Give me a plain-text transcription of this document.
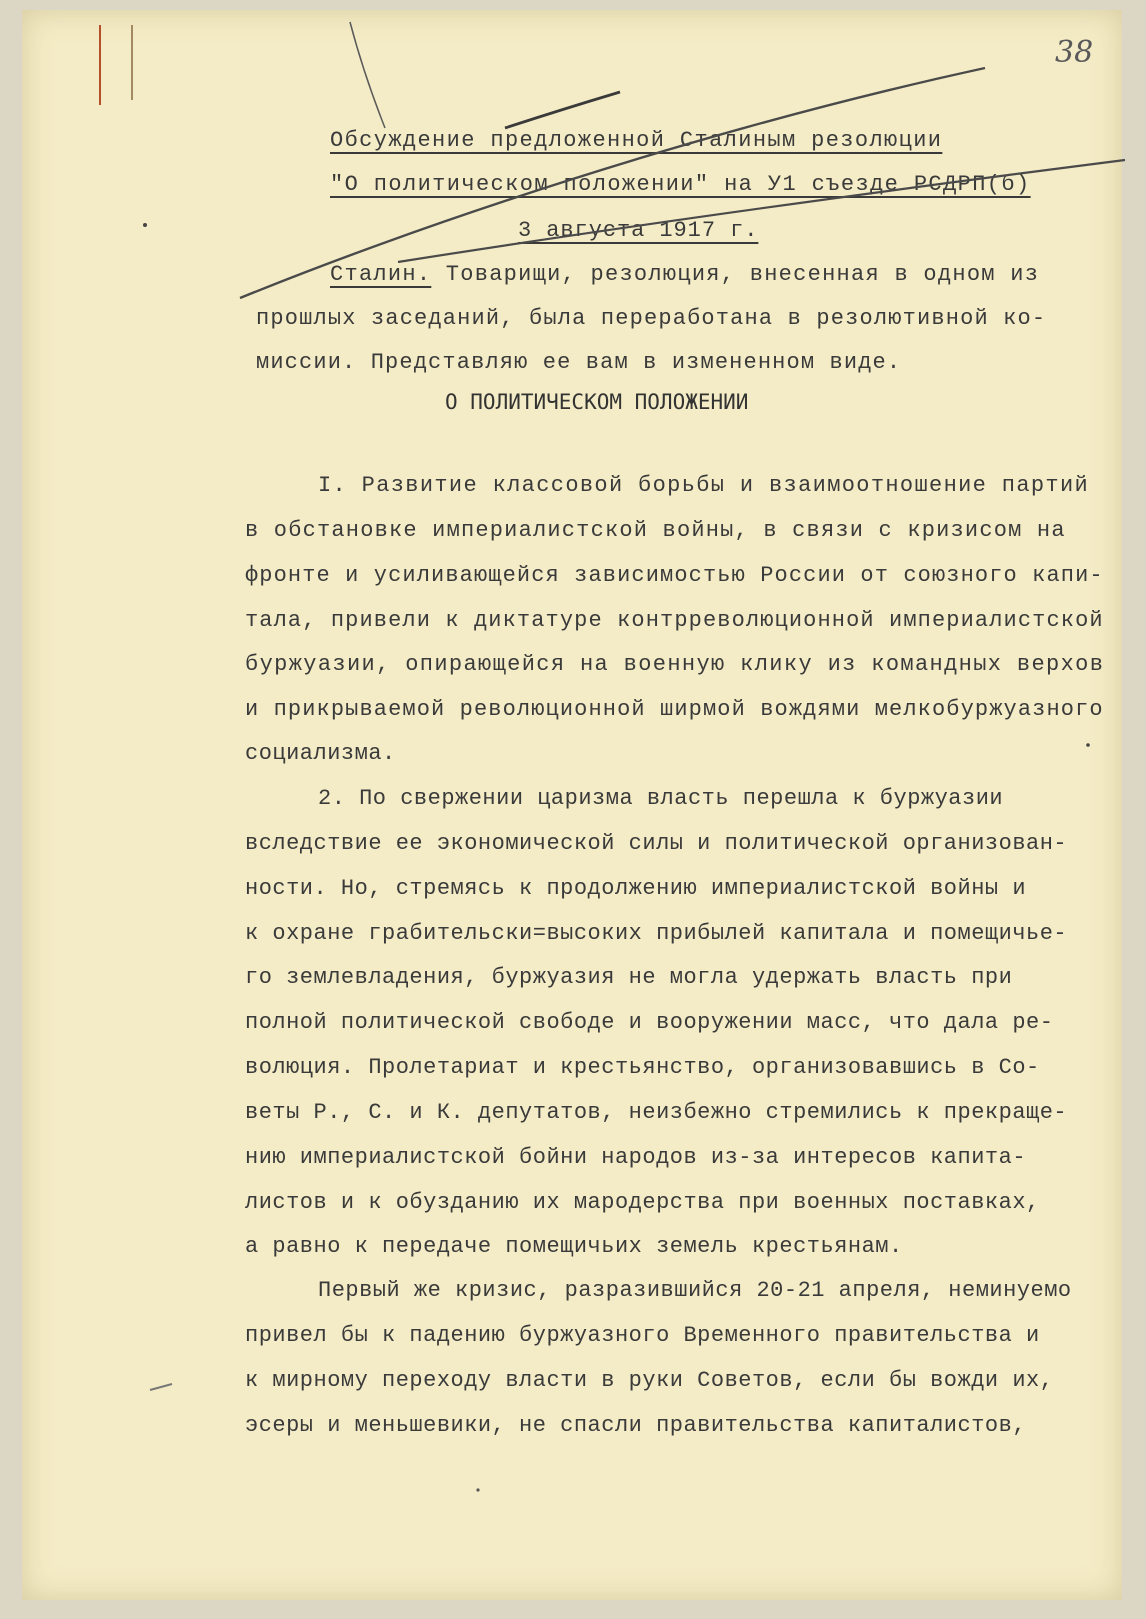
38

Обсуждение предложенной Сталиным резолюции

"О политическом положении" на У1 съезде РСДРП(б)

3 августа 1917 г.

Сталин. Товарищи, резолюция, внесенная в одном из

прошлых заседаний, была переработана в резолютивной ко-

миссии. Представляю ее вам в измененном виде.

О ПОЛИТИЧЕСКОМ ПОЛОЖЕНИИ

I. Развитие классовой борьбы и взаимоотношение партий

в обстановке империалистской войны, в связи с кризисом на

фронте и усиливающейся зависимостью России от союзного капи-

тала, привели к диктатуре контрреволюционной империалистской

буржуазии, опирающейся на военную клику из командных верхов

и прикрываемой революционной ширмой вождями мелкобуржуазного

социализма.

2. По свержении царизма власть перешла к буржуазии

вследствие ее экономической силы и политической организован-

ности. Но, стремясь к продолжению империалистской войны и

к охране грабительски=высоких прибылей капитала и помещичье-

го землевладения, буржуазия не могла удержать власть при

полной политической свободе и вооружении масс, что дала ре-

волюция. Пролетариат и крестьянство, организовавшись в Со-

веты Р., С. и К. депутатов, неизбежно стремились к прекраще-

нию империалистской бойни народов из-за интересов капита-

листов и к обузданию их мародерства при военных поставках,

а равно к передаче помещичьих земель крестьянам.

Первый же кризис, разразившийся 20-21 апреля, неминуемо

привел бы к падению буржуазного Временного правительства и

к мирному переходу власти в руки Советов, если бы вожди их,

эсеры и меньшевики, не спасли правительства капиталистов,
